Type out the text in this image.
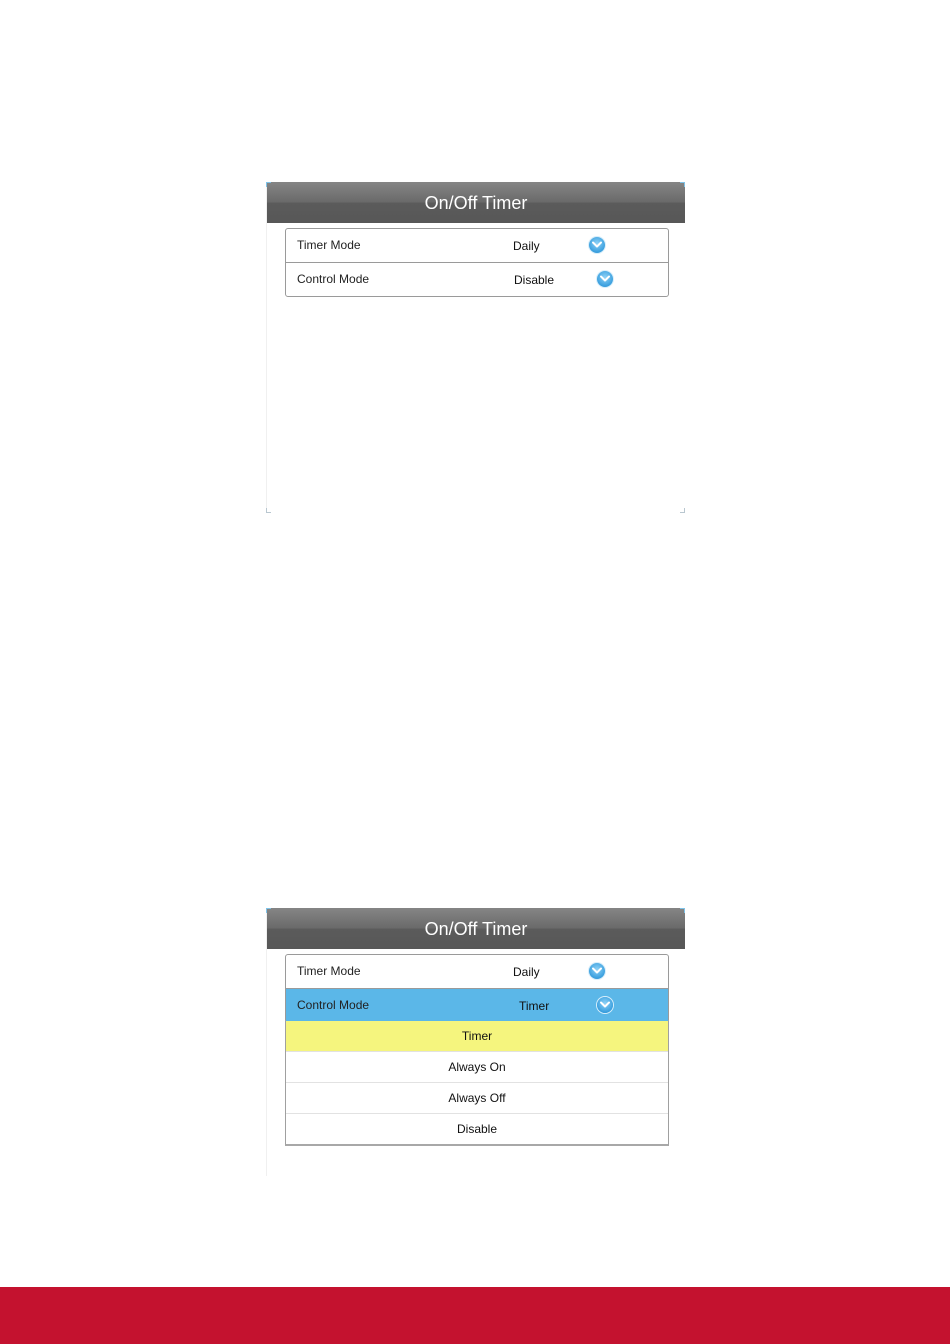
On/Off Timer
Timer Mode	Daily
Control Mode	Disable
On/Off Timer
Timer Mode	Daily
Control Mode	Timer
Timer
Always On
Always Off
Disable
